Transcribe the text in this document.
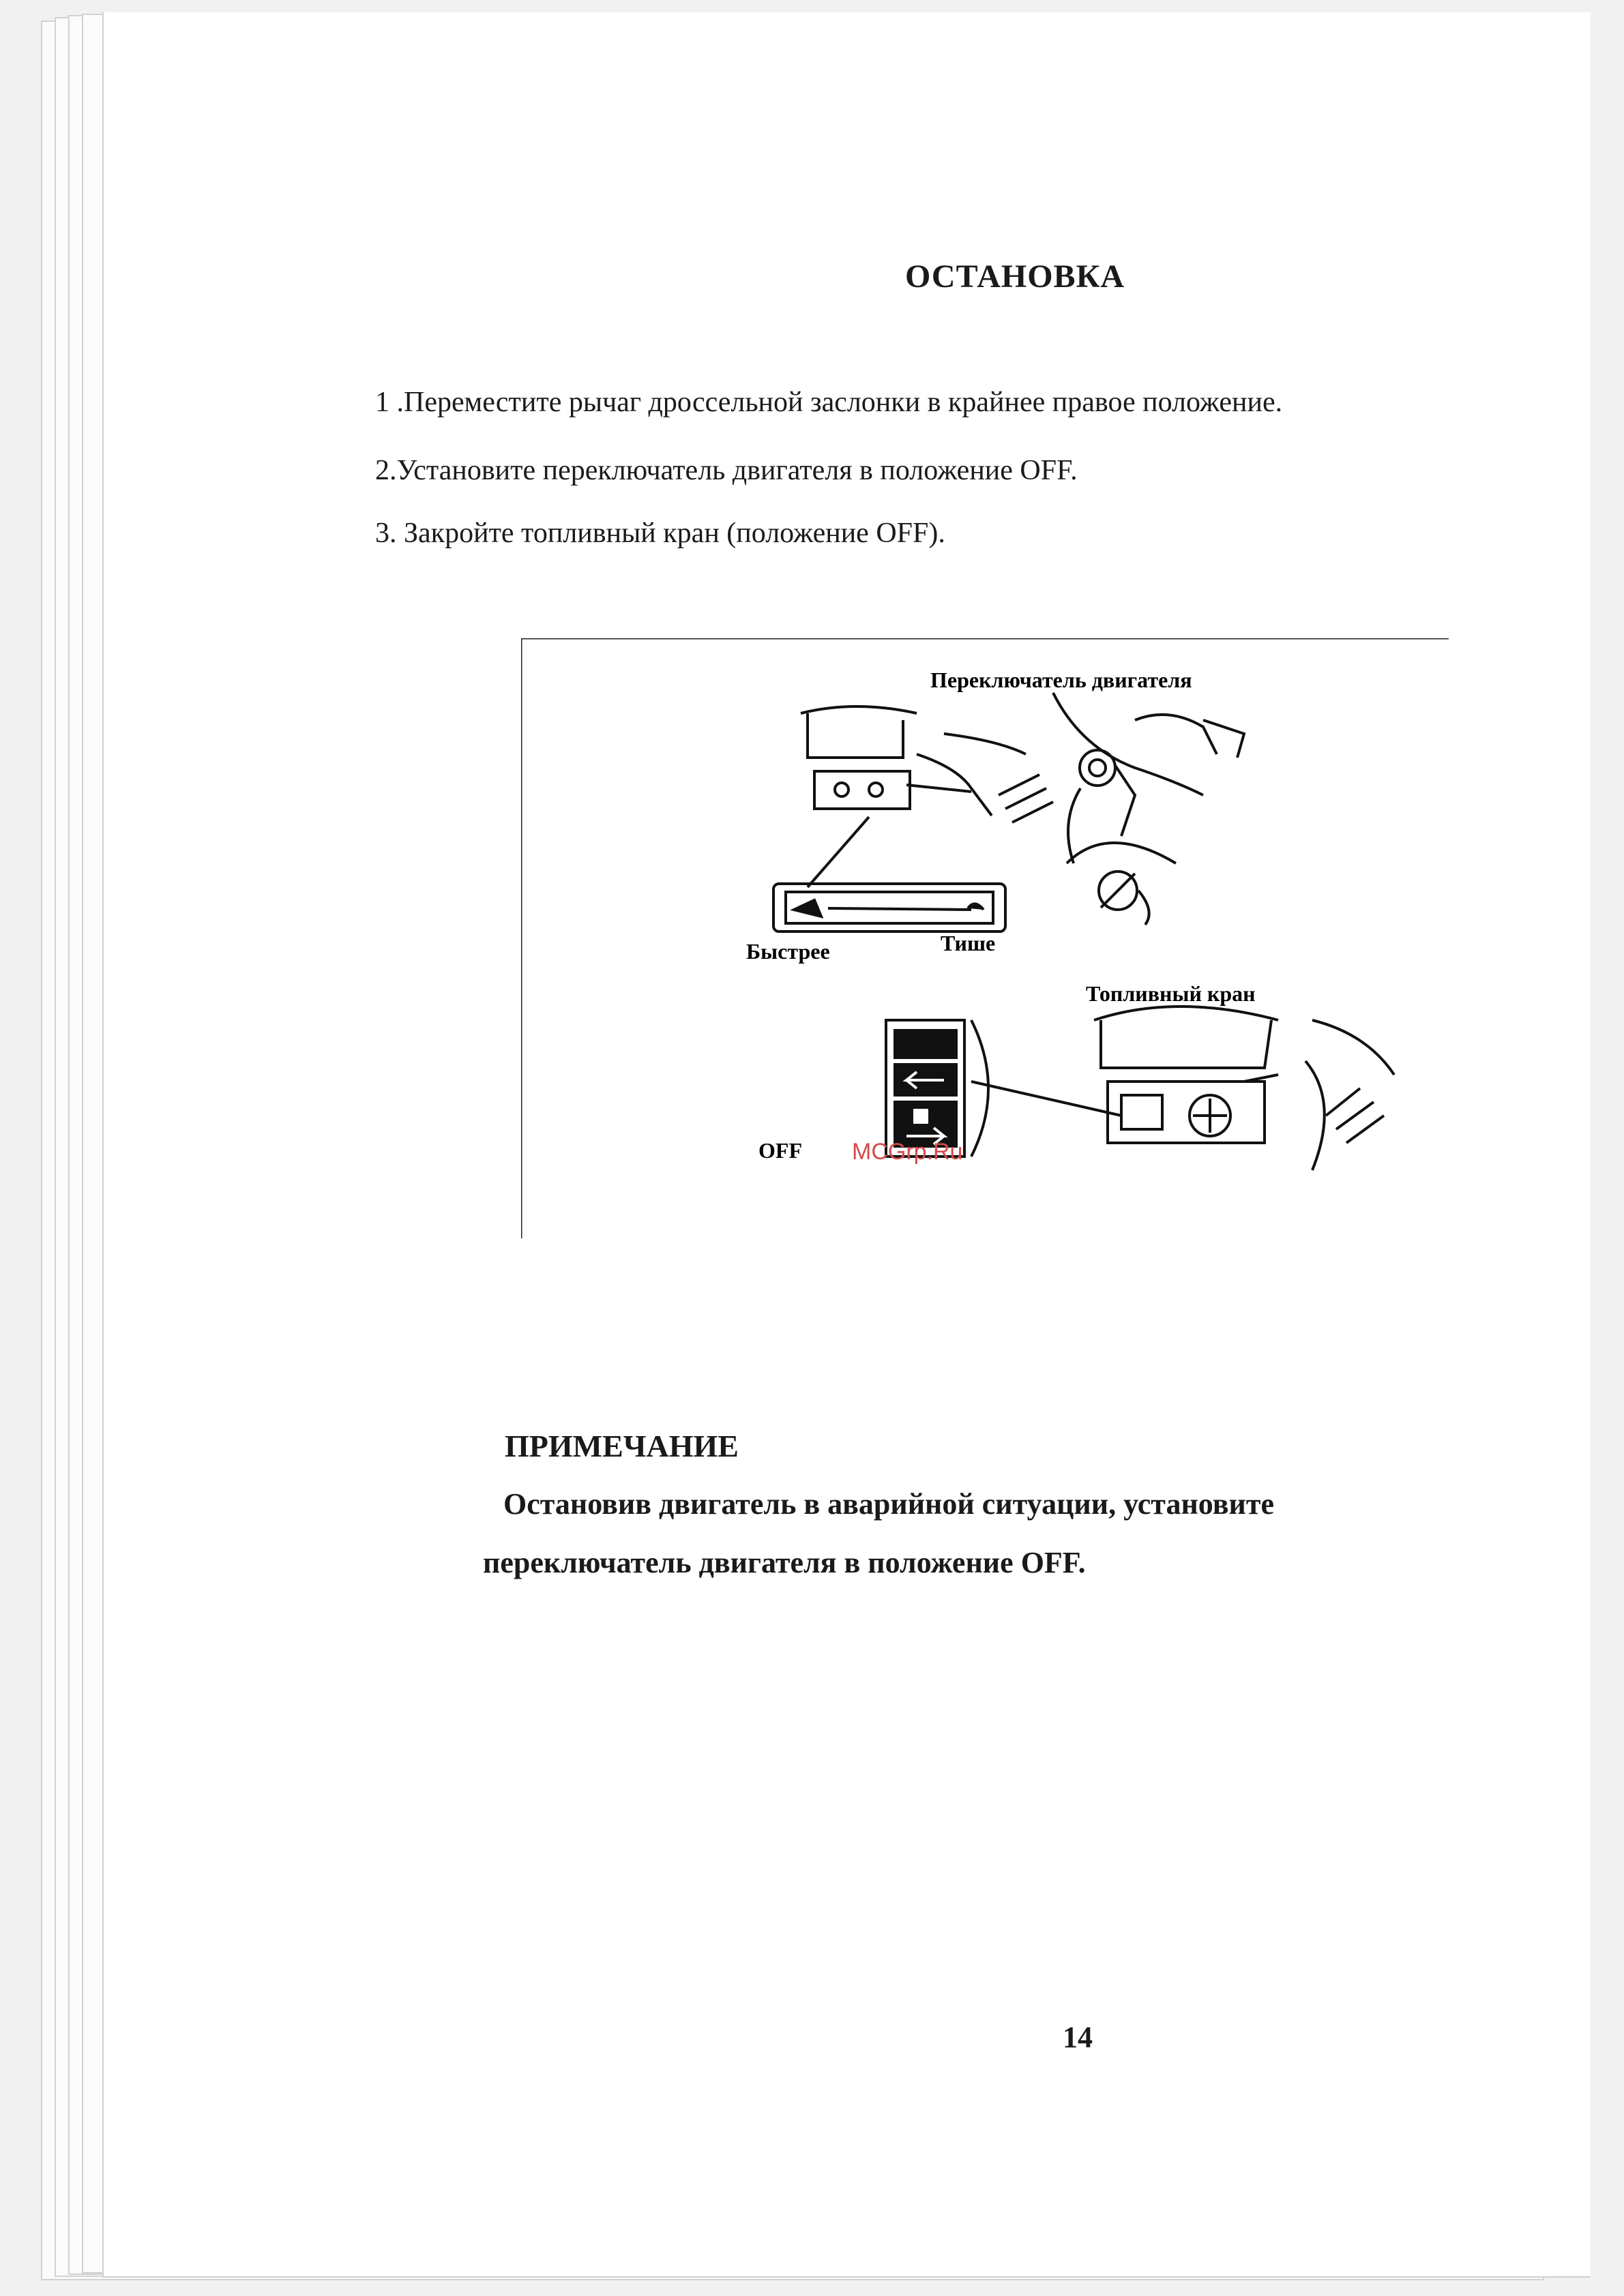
ОСТАНОВКА

1 .Переместите рычаг дроссельной заслонки в крайнее правое положение.

2.Установите переключатель двигателя в положение OFF.

3. Закройте топливный кран (положение OFF).

Быстрее	Тише
Переключатель двигателя
Топливный кран
OFF MCGrp.Ru

ПРИМЕЧАНИЕ

Остановив двигатель в аварийной ситуации, установите

переключатель двигателя в положение OFF.

14
